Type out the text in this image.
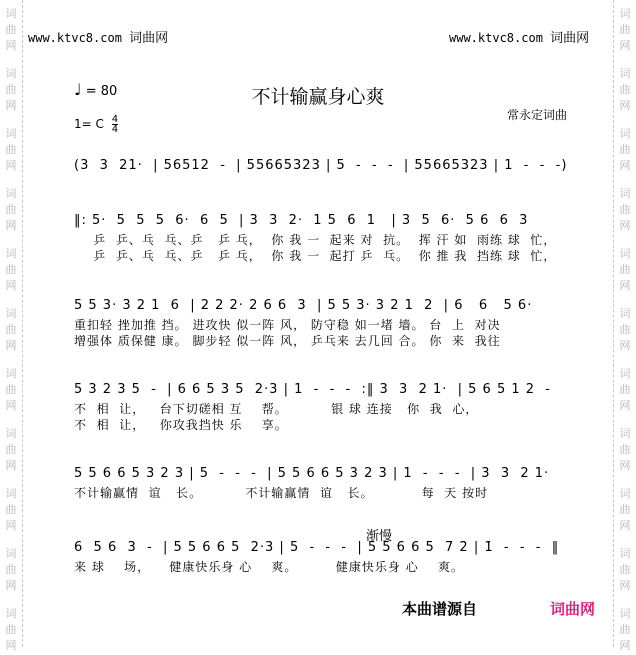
词
曲
网
词
曲
网
词
曲
网
词
曲
网
词
曲
网
词
曲
网
词
曲
网
词
曲
网
词
曲
网
词
曲
网
词
曲
网
词
曲
网
词
曲
网
词
曲
网
词
曲
网
词
曲
网
词
曲
网
词
曲
网
词
曲
网
词
曲
网
词
曲
网
词
曲
网
www.ktvc8.com 词曲网	www.ktvc8.com 词曲网
♩ = 80
1= C $\frac{4}{4}$
不计输赢身心爽
常永定词曲
(3  3  21·  | 56512  -  | 55665323 | 5  -  -  -  | 55665323 | 1  -  -  -)
‖: 5·  5  5  5  6·  6  5  | 3  3  2·  1 5  6  1   | 3  5  6·  5 6  6  3
乒  乒、乓  乓、乒   乒 乓，  你 我 一  起来 对  抗。  挥 汗 如  雨练 球  忙，
乒  乒、乓  乓、乒   乒 乓，  你 我 一  起打 乒  乓。  你 推 我  挡练 球  忙，
5 5 3· 3 2 1  6  | 2 2 2· 2 6 6  3  | 5 5 3· 3 2 1  2  | 6   6   5 6·
重扣轻 挫加推 挡。 进攻快 似一阵 风， 防守稳 如一堵 墙。 台  上  对决
增强体 质保健 康。 脚步轻 似一阵 风， 乒乓来 去几回 合。 你  来  我往
5 3 2 3 5  -  | 6 6 5 3 5  2·3 | 1  -  -  -  :‖ 3  3  2 1·  | 5 6 5 1 2  -
不  相  让，   台下切磋相 互    帮。         银 球 连接   你  我  心，
不  相  让，   你攻我挡快 乐    享。
5 5 6 6 5 3 2 3 | 5  -  -  -  | 5 5 6 6 5 3 2 3 | 1  -  -  -  | 3  3  2 1·
不计输赢情  谊   长。         不计输赢情  谊   长。          每  天 按时
渐慢
6  5 6  3  -  | 5 5 6 6 5  2·3 | 5  -  -  -  | 5 5 6 6 5  7 2̇ | 1̇  -  -  -  ‖
来 球    场，    健康快乐身 心    爽。        健康快乐身 心    爽。
本曲谱源自	词曲网
